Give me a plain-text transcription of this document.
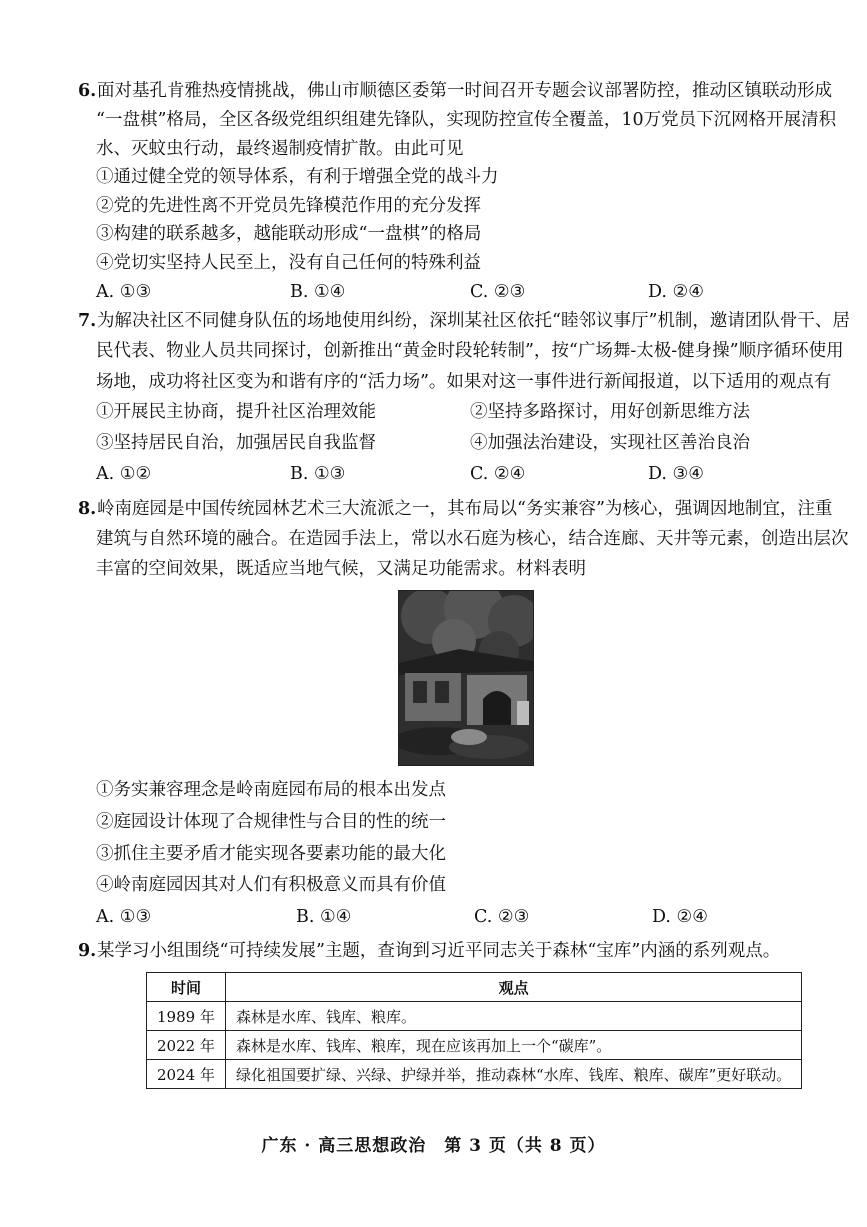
6. 面对基孔肯雅热疫情挑战，佛山市顺德区委第一时间召开专题会议部署防控，推动区镇联动形成
“一盘棋”格局，全区各级党组织组建先锋队，实现防控宣传全覆盖，10万党员下沉网格开展清积
水、灭蚊虫行动，最终遏制疫情扩散。由此可见
①通过健全党的领导体系，有利于增强全党的战斗力
②党的先进性离不开党员先锋模范作用的充分发挥
③构建的联系越多，越能联动形成“一盘棋”的格局
④党切实坚持人民至上，没有自己任何的特殊利益
A. ①③	B. ①④	C. ②③	D. ②④
7. 为解决社区不同健身队伍的场地使用纠纷，深圳某社区依托“睦邻议事厅”机制，邀请团队骨干、居
民代表、物业人员共同探讨，创新推出“黄金时段轮转制”，按“广场舞-太极-健身操”顺序循环使用
场地，成功将社区变为和谐有序的“活力场”。如果对这一事件进行新闻报道，以下适用的观点有
①开展民主协商，提升社区治理效能	②坚持多路探讨，用好创新思维方法
③坚持居民自治，加强居民自我监督	④加强法治建设，实现社区善治良治
A. ①②	B. ①③	C. ②④	D. ③④
8. 岭南庭园是中国传统园林艺术三大流派之一，其布局以“务实兼容”为核心，强调因地制宜，注重
建筑与自然环境的融合。在造园手法上，常以水石庭为核心，结合连廊、天井等元素，创造出层次
丰富的空间效果，既适应当地气候，又满足功能需求。材料表明
①务实兼容理念是岭南庭园布局的根本出发点
②庭园设计体现了合规律性与合目的性的统一
③抓住主要矛盾才能实现各要素功能的最大化
④岭南庭园因其对人们有积极意义而具有价值
A. ①③	B. ①④	C. ②③	D. ②④
9. 某学习小组围绕“可持续发展”主题，查询到习近平同志关于森林“宝库”内涵的系列观点。
时间	观点
1989 年	森林是水库、钱库、粮库。
2022 年	森林是水库、钱库、粮库，现在应该再加上一个“碳库”。
2024 年	绿化祖国要扩绿、兴绿、护绿并举，推动森林“水库、钱库、粮库、碳库”更好联动。
广东 · 高三思想政治　第 3 页（共 8 页）
